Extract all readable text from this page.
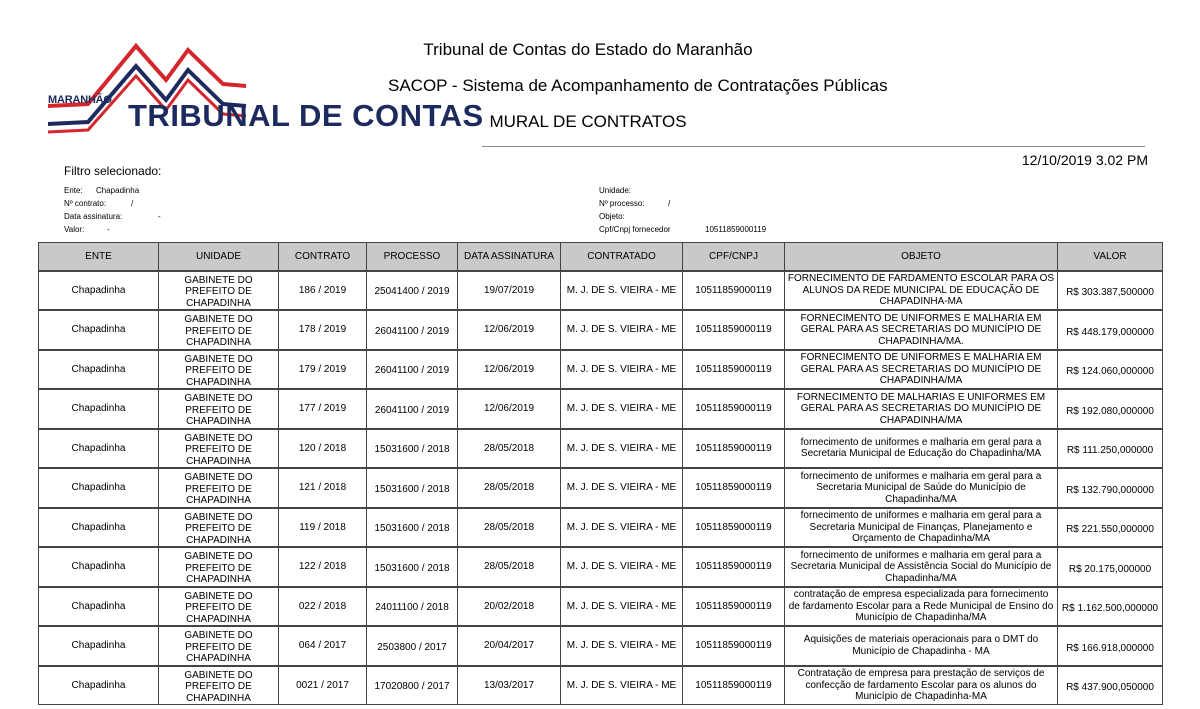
MARANHÃO TRIBUNAL DE CONTAS
Tribunal de Contas do Estado do Maranhão
SACOP - Sistema de Acompanhamento de Contratações Públicas
MURAL DE CONTRATOS
Filtro selecionado:
12/10/2019 3.02 PM
Ente: Chapadinha
Nº contrato:	/
Data assinatura:	-
Valor:	-
Unidade:
Nº processo:	/
Objeto:
Cpf/Cnpj fornecedor	10511859000119
ENTE	UNIDADE	CONTRATO	PROCESSO	DATA ASSINATURA	CONTRATADO	CPF/CNPJ	OBJETO	VALOR
Chapadinha	GABINETE DO PREFEITO DE CHAPADINHA	186 / 2019	25041400 / 2019	19/07/2019	M. J. DE S. VIEIRA - ME	10511859000119	FORNECIMENTO DE FARDAMENTO ESCOLAR PARA OS ALUNOS DA REDE MUNICIPAL DE EDUCAÇÃO DE CHAPADINHA-MA	R$ 303.387,500000
Chapadinha	GABINETE DO PREFEITO DE CHAPADINHA	178 / 2019	26041100 / 2019	12/06/2019	M. J. DE S. VIEIRA - ME	10511859000119	FORNECIMENTO DE UNIFORMES E MALHARIA EM GERAL PARA AS SECRETARIAS DO MUNICÍPIO DE CHAPADINHA/MA.	R$ 448.179,000000
Chapadinha	GABINETE DO PREFEITO DE CHAPADINHA	179 / 2019	26041100 / 2019	12/06/2019	M. J. DE S. VIEIRA - ME	10511859000119	FORNECIMENTO DE UNIFORMES E MALHARIA EM GERAL PARA AS SECRETARIAS DO MUNICÍPIO DE CHAPADINHA/MA	R$ 124.060,000000
Chapadinha	GABINETE DO PREFEITO DE CHAPADINHA	177 / 2019	26041100 / 2019	12/06/2019	M. J. DE S. VIEIRA - ME	10511859000119	FORNECIMENTO DE MALHARIAS E UNIFORMES EM GERAL PARA AS SECRETARIAS DO MUNICÍPIO DE CHAPADINHA/MA	R$ 192.080,000000
Chapadinha	GABINETE DO PREFEITO DE CHAPADINHA	120 / 2018	15031600 / 2018	28/05/2018	M. J. DE S. VIEIRA - ME	10511859000119	fornecimento de uniformes e malharia em geral para a Secretaria Municipal de Educação do Chapadinha/MA	R$ 111.250,000000
Chapadinha	GABINETE DO PREFEITO DE CHAPADINHA	121 / 2018	15031600 / 2018	28/05/2018	M. J. DE S. VIEIRA - ME	10511859000119	fornecimento de uniformes e malharia em geral para a Secretaria Municipal de Saúde do Município de Chapadinha/MA	R$ 132.790,000000
Chapadinha	GABINETE DO PREFEITO DE CHAPADINHA	119 / 2018	15031600 / 2018	28/05/2018	M. J. DE S. VIEIRA - ME	10511859000119	fornecimento de uniformes e malharia em geral para a Secretaria Municipal de Finanças, Planejamento e Orçamento de Chapadinha/MA	R$ 221.550,000000
Chapadinha	GABINETE DO PREFEITO DE CHAPADINHA	122 / 2018	15031600 / 2018	28/05/2018	M. J. DE S. VIEIRA - ME	10511859000119	fornecimento de uniformes e malharia em geral para a Secretaria Municipal de Assistência Social do Município de Chapadinha/MA	R$ 20.175,000000
Chapadinha	GABINETE DO PREFEITO DE CHAPADINHA	022 / 2018	24011100 / 2018	20/02/2018	M. J. DE S. VIEIRA - ME	10511859000119	contratação de empresa especializada para fornecimento de fardamento Escolar para a Rede Municipal de Ensino do Município de Chapadinha/MA	R$ 1.162.500,000000
Chapadinha	GABINETE DO PREFEITO DE CHAPADINHA	064 / 2017	2503800 / 2017	20/04/2017	M. J. DE S. VIEIRA - ME	10511859000119	Aquisições de materiais operacionais para o DMT do Município de Chapadinha - MA	R$ 166.918,000000
Chapadinha	GABINETE DO PREFEITO DE CHAPADINHA	0021 / 2017	17020800 / 2017	13/03/2017	M. J. DE S. VIEIRA - ME	10511859000119	Contratação de empresa para prestação de serviços de confecção de fardamento Escolar para os alunos do Município de Chapadinha-MA	R$ 437.900,050000
